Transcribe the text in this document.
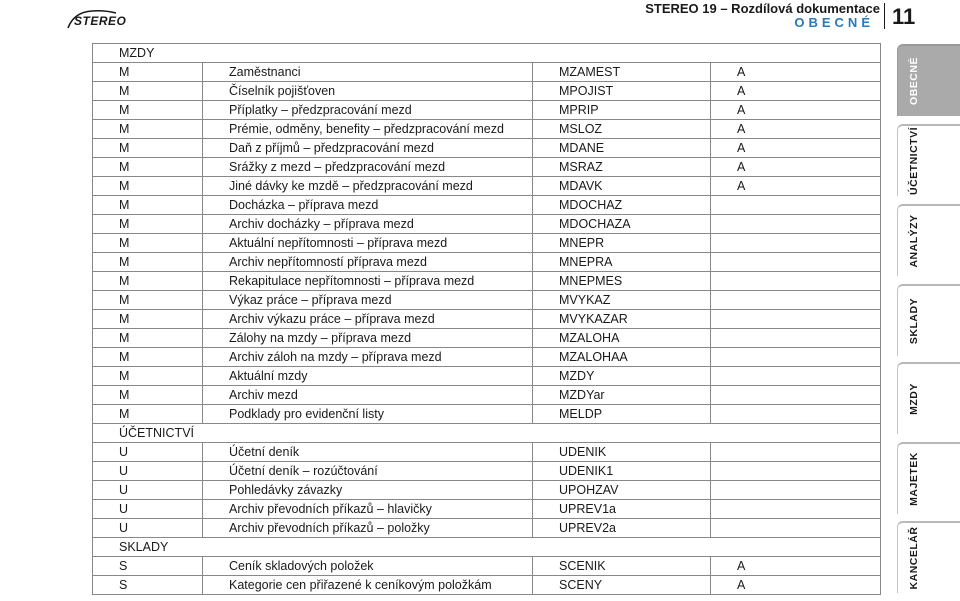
STEREO
STEREO 19 – Rozdílová dokumentace
OBECNÉ 11
MZDY			
M	Zaměstnanci	MZAMEST	A
M	Číselník pojišťoven	MPOJIST	A
M	Příplatky – předzpracování mezd	MPRIP	A
M	Prémie, odměny, benefity – předzpracování mezd	MSLOZ	A
M	Daň z příjmů – předzpracování mezd	MDANE	A
M	Srážky z mezd – předzpracování mezd	MSRAZ	A
M	Jiné dávky ke mzdě – předzpracování mezd	MDAVK	A
M	Docházka – příprava mezd	MDOCHAZ	
M	Archiv docházky – příprava mezd	MDOCHAZA	
M	Aktuální nepřítomnosti – příprava mezd	MNEPR	
M	Archiv nepřítomností příprava mezd	MNEPRA	
M	Rekapitulace nepřítomnosti – příprava mezd	MNEPMES	
M	Výkaz práce – příprava mezd	MVYKAZ	
M	Archiv výkazu práce – příprava mezd	MVYKAZAR	
M	Zálohy na mzdy – příprava mezd	MZALOHA	
M	Archiv záloh na mzdy – příprava mezd	MZALOHAA	
M	Aktuální mzdy	MZDY	
M	Archiv mezd	MZDYar	
M	Podklady pro evidenční listy	MELDP	
ÚČETNICTVÍ			
U	Účetní deník	UDENIK	
U	Účetní deník – rozúčtování	UDENIK1	
U	Pohledávky závazky	UPOHZAV	
U	Archiv převodních příkazů – hlavičky	UPREV1a	
U	Archiv převodních příkazů – položky	UPREV2a	
SKLADY			
S	Ceník skladových položek	SCENIK	A
S	Kategorie cen přiřazené k ceníkovým položkám	SCENY	A
OBECNÉ
ÚČETNICTVÍ
ANALÝZY
SKLADY
MZDY
MAJETEK
KANCELÁŘ
